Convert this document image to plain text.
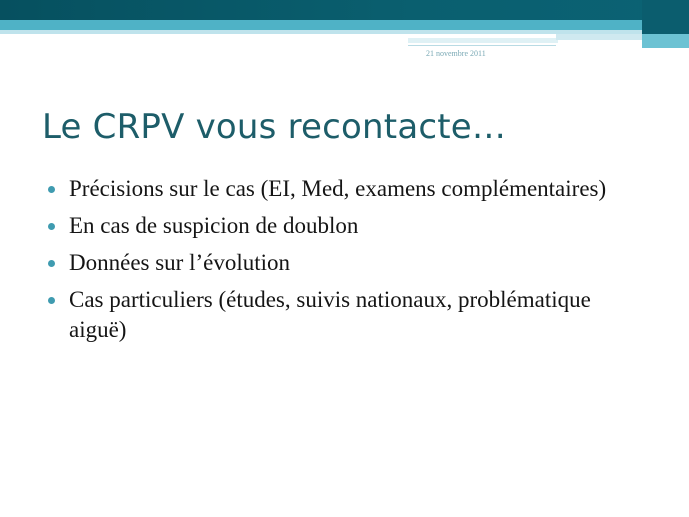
21 novembre 2011
Le CRPV vous recontacte…
Précisions sur le cas (EI, Med, examens complémentaires)
En cas de suspicion de doublon
Données sur l’évolution
Cas particuliers (études, suivis nationaux, problématique aiguë)
